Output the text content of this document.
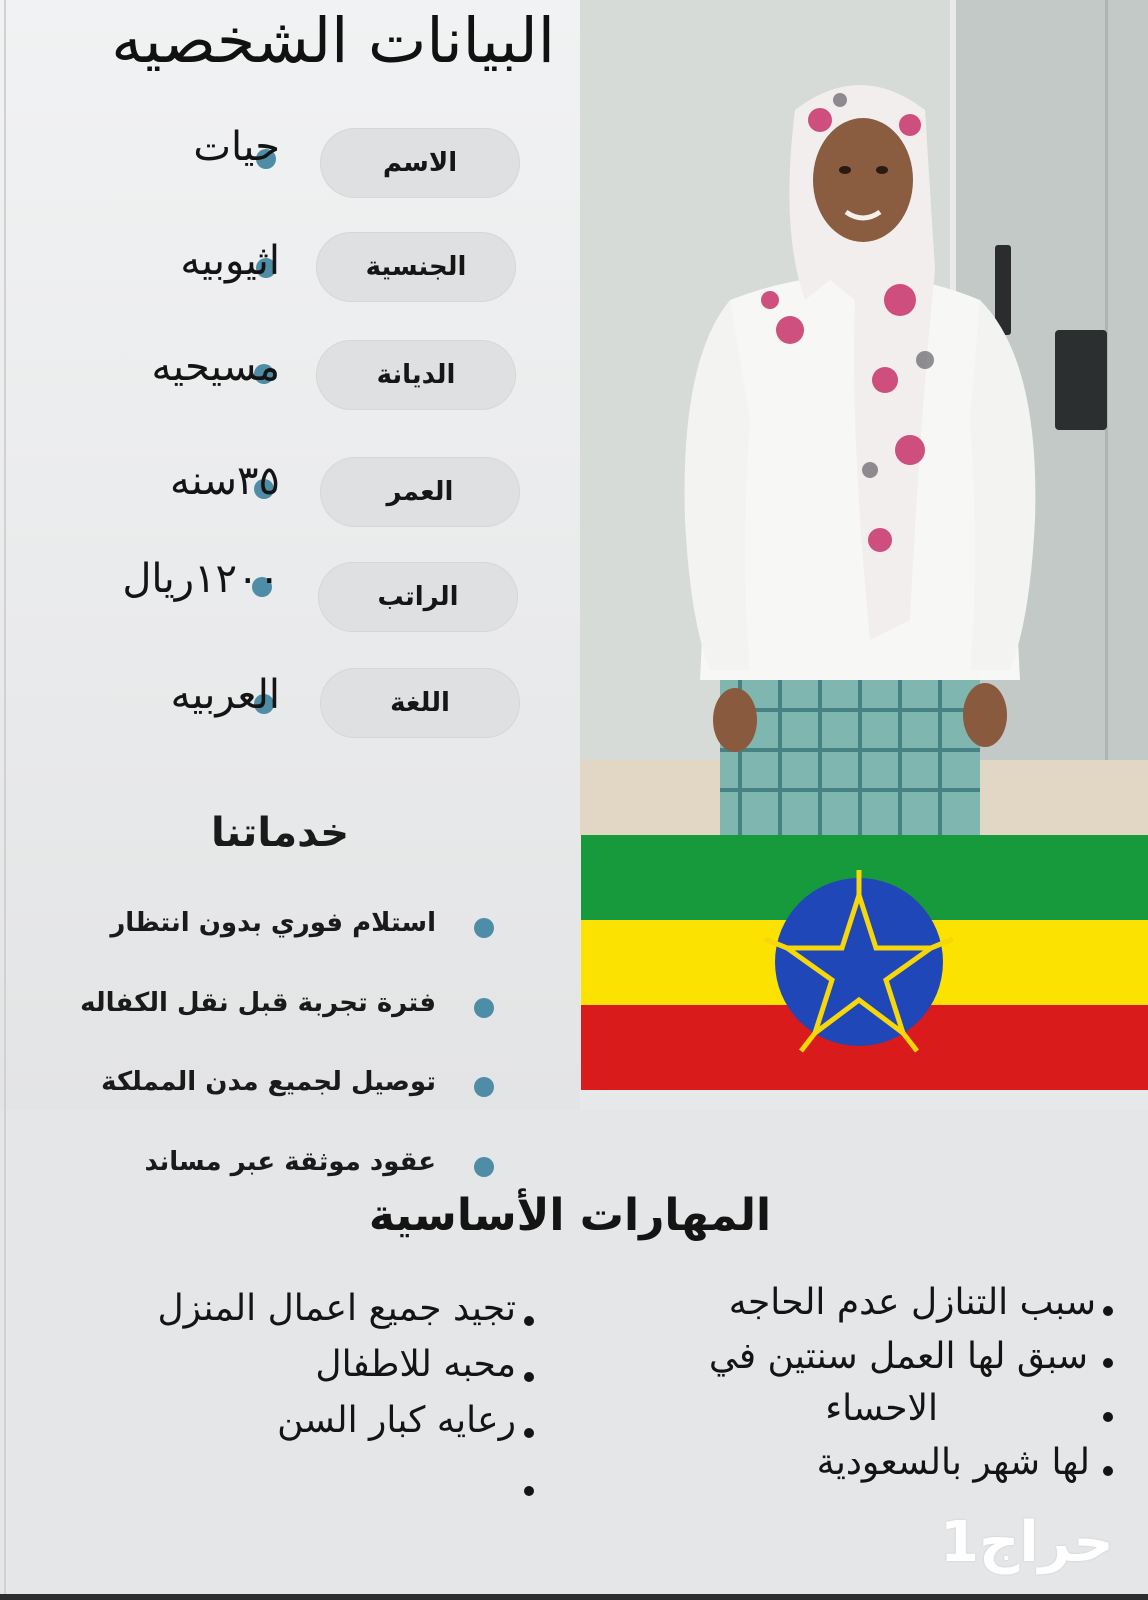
البيانات الشخصيه
الاسم
حيات
الجنسية
اثيوبيه
الديانة
مسيحيه
العمر
٣٥سنه
الراتب
١٢٠٠ريال
اللغة
العربيه
خدماتنا
استلام فوري بدون انتظار
فترة تجربة قبل نقل الكفاله
توصيل لجميع مدن المملكة
عقود موثقة عبر مساند
المهارات الأساسية
سبب التنازل عدم الحاجه
سبق لها العمل سنتين في
الاحساء
لها شهر بالسعودية
تجيد جميع اعمال المنزل
محبه للاطفال
رعايه كبار السن
حراج1
